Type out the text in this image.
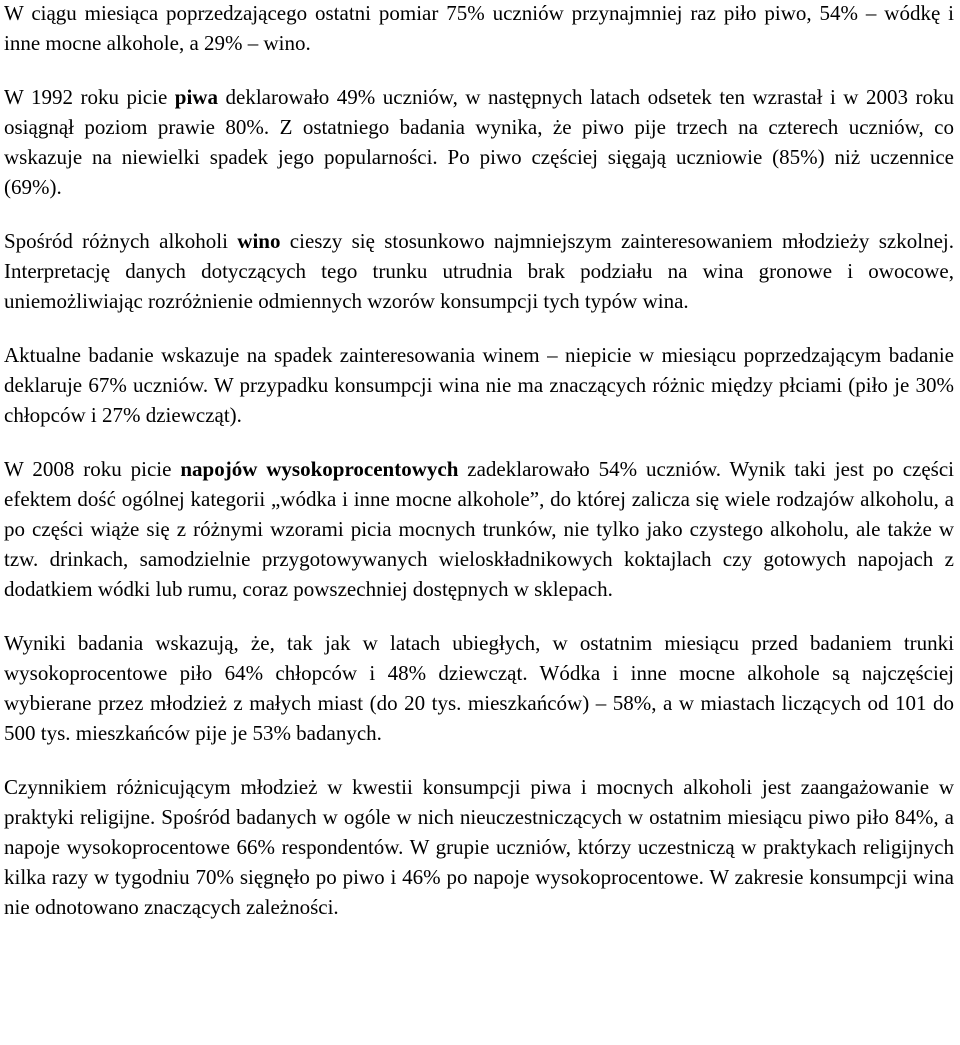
W ciągu miesiąca poprzedzającego ostatni pomiar 75% uczniów przynajmniej raz piło piwo, 54% – wódkę i inne mocne alkohole, a 29% – wino.

W 1992 roku picie piwa deklarowało 49% uczniów, w następnych latach odsetek ten wzrastał i w 2003 roku osiągnął poziom prawie 80%. Z ostatniego badania wynika, że piwo pije trzech na czterech uczniów, co wskazuje na niewielki spadek jego popularności. Po piwo częściej sięgają uczniowie (85%) niż uczennice (69%).

Spośród różnych alkoholi wino cieszy się stosunkowo najmniejszym zainteresowaniem młodzieży szkolnej. Interpretację danych dotyczących tego trunku utrudnia brak podziału na wina gronowe i owocowe, uniemożliwiając rozróżnienie odmiennych wzorów konsumpcji tych typów wina.

Aktualne badanie wskazuje na spadek zainteresowania winem – niepicie w miesiącu poprzedzającym badanie deklaruje 67% uczniów. W przypadku konsumpcji wina nie ma znaczących różnic między płciami (piło je 30% chłopców i 27% dziewcząt).

W 2008 roku picie napojów wysokoprocentowych zadeklarowało 54% uczniów. Wynik taki jest po części efektem dość ogólnej kategorii „wódka i inne mocne alkohole”, do której zalicza się wiele rodzajów alkoholu, a po części wiąże się z różnymi wzorami picia mocnych trunków, nie tylko jako czystego alkoholu, ale także w tzw. drinkach, samodzielnie przygotowywanych wieloskładnikowych koktajlach czy gotowych napojach z dodatkiem wódki lub rumu, coraz powszechniej dostępnych w sklepach.

Wyniki badania wskazują, że, tak jak w latach ubiegłych, w ostatnim miesiącu przed badaniem trunki wysokoprocentowe piło 64% chłopców i 48% dziewcząt. Wódka i inne mocne alkohole są najczęściej wybierane przez młodzież z małych miast (do 20 tys. mieszkańców) – 58%, a w miastach liczących od 101 do 500 tys. mieszkańców pije je 53% badanych.

Czynnikiem różnicującym młodzież w kwestii konsumpcji piwa i mocnych alkoholi jest zaangażowanie w praktyki religijne. Spośród badanych w ogóle w nich nieuczestniczących w ostatnim miesiącu piwo piło 84%, a napoje wysokoprocentowe 66% respondentów. W grupie uczniów, którzy uczestniczą w praktykach religijnych kilka razy w tygodniu 70% sięgnęło po piwo i 46% po napoje wysokoprocentowe. W zakresie konsumpcji wina nie odnotowano znaczących zależności.
